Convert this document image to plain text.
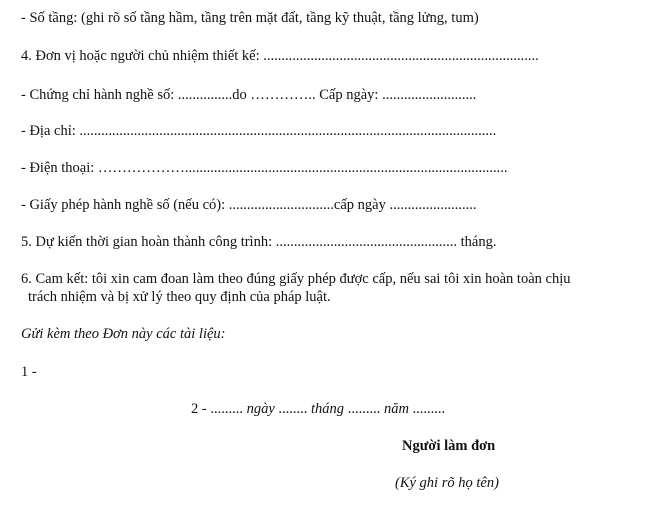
- Số tầng: (ghi rõ số tầng hầm, tầng trên mặt đất, tầng kỹ thuật, tầng lửng, tum)
4. Đơn vị hoặc người chủ nhiệm thiết kế: ............................................................................
- Chứng chỉ hành nghề số: ...............do ………….. Cấp ngày: ..........................
- Địa chỉ: ...................................................................................................................
- Điện thoại: ……………….........................................................................................
- Giấy phép hành nghề số (nếu có): .............................cấp ngày ........................
5. Dự kiến thời gian hoàn thành công trình: .................................................. tháng.
6. Cam kết: tôi xin cam đoan làm theo đúng giấy phép được cấp, nếu sai tôi xin hoàn toàn chịu
trách nhiệm và bị xử lý theo quy định của pháp luật.
Gửi kèm theo Đơn này các tài liệu:
1 -
2 - ......... ngày ........ tháng ......... năm .........
Người làm đơn
(Ký ghi rõ họ tên)
